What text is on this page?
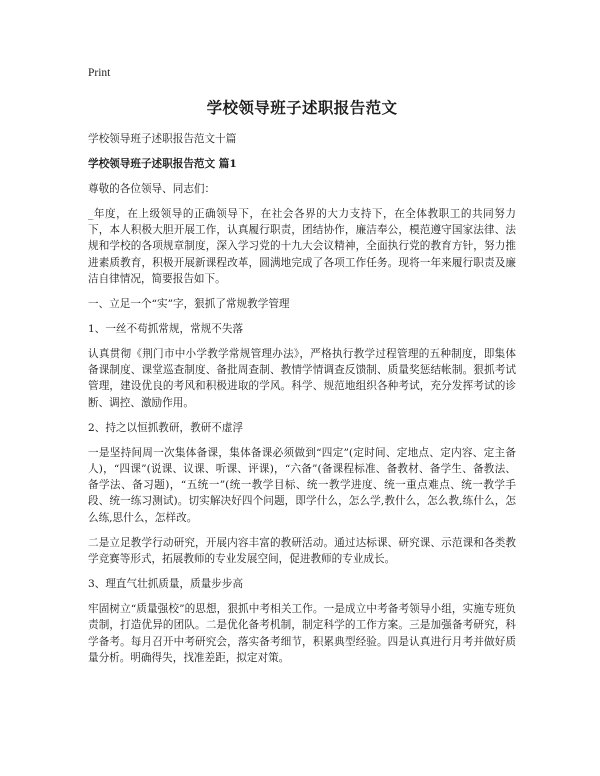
Print
学校领导班子述职报告范文
学校领导班子述职报告范文十篇
学校领导班子述职报告范文 篇1
尊敬的各位领导、同志们：
_年度，在上级领导的正确领导下，在社会各界的大力支持下，在全体教职工的共同努力下，本人积极大胆开展工作，认真履行职责，团结协作，廉洁奉公，模范遵守国家法律、法规和学校的各项规章制度，深入学习党的十九大会议精神，全面执行党的教育方针，努力推进素质教育，积极开展新课程改革，圆满地完成了各项工作任务。现将一年来履行职责及廉洁自律情况，简要报告如下。
一、立足一个“实”字，狠抓了常规教学管理
1、一丝不苟抓常规，常规不失落
认真贯彻《荆门市中小学教学常规管理办法》，严格执行教学过程管理的五种制度，即集体备课制度、课堂巡查制度、备批周查制、教情学情调查反馈制、质量奖惩结帐制。狠抓考试管理，建设优良的考风和积极进取的学风。科学、规范地组织各种考试，充分发挥考试的诊断、调控、激励作用。
2、持之以恒抓教研，教研不虚浮
一是坚持间周一次集体备课，集体备课必须做到“四定”(定时间、定地点、定内容、定主备人)，“四课”(说课、议课、听课、评课)，“六备”(备课程标准、备教材、备学生、备教法、备学法、备习题)，“五统一”(统一教学目标、统一教学进度、统一重点难点、统一教学手段、统一练习测试)。切实解决好四个问题，即学什么，怎么学,教什么，怎么教,练什么，怎么练,思什么，怎样改。
二是立足教学行动研究，开展内容丰富的教研活动。通过达标课、研究课、示范课和各类教学竞赛等形式，拓展教师的专业发展空间，促进教师的专业成长。
3、理直气壮抓质量，质量步步高
牢固树立“质量强校”的思想，狠抓中考相关工作。一是成立中考备考领导小组，实施专班负责制，打造优异的团队。二是优化备考机制，制定科学的工作方案。三是加强备考研究，科学备考。每月召开中考研究会，落实备考细节，积累典型经验。四是认真进行月考并做好质量分析。明确得失，找准差距，拟定对策。
